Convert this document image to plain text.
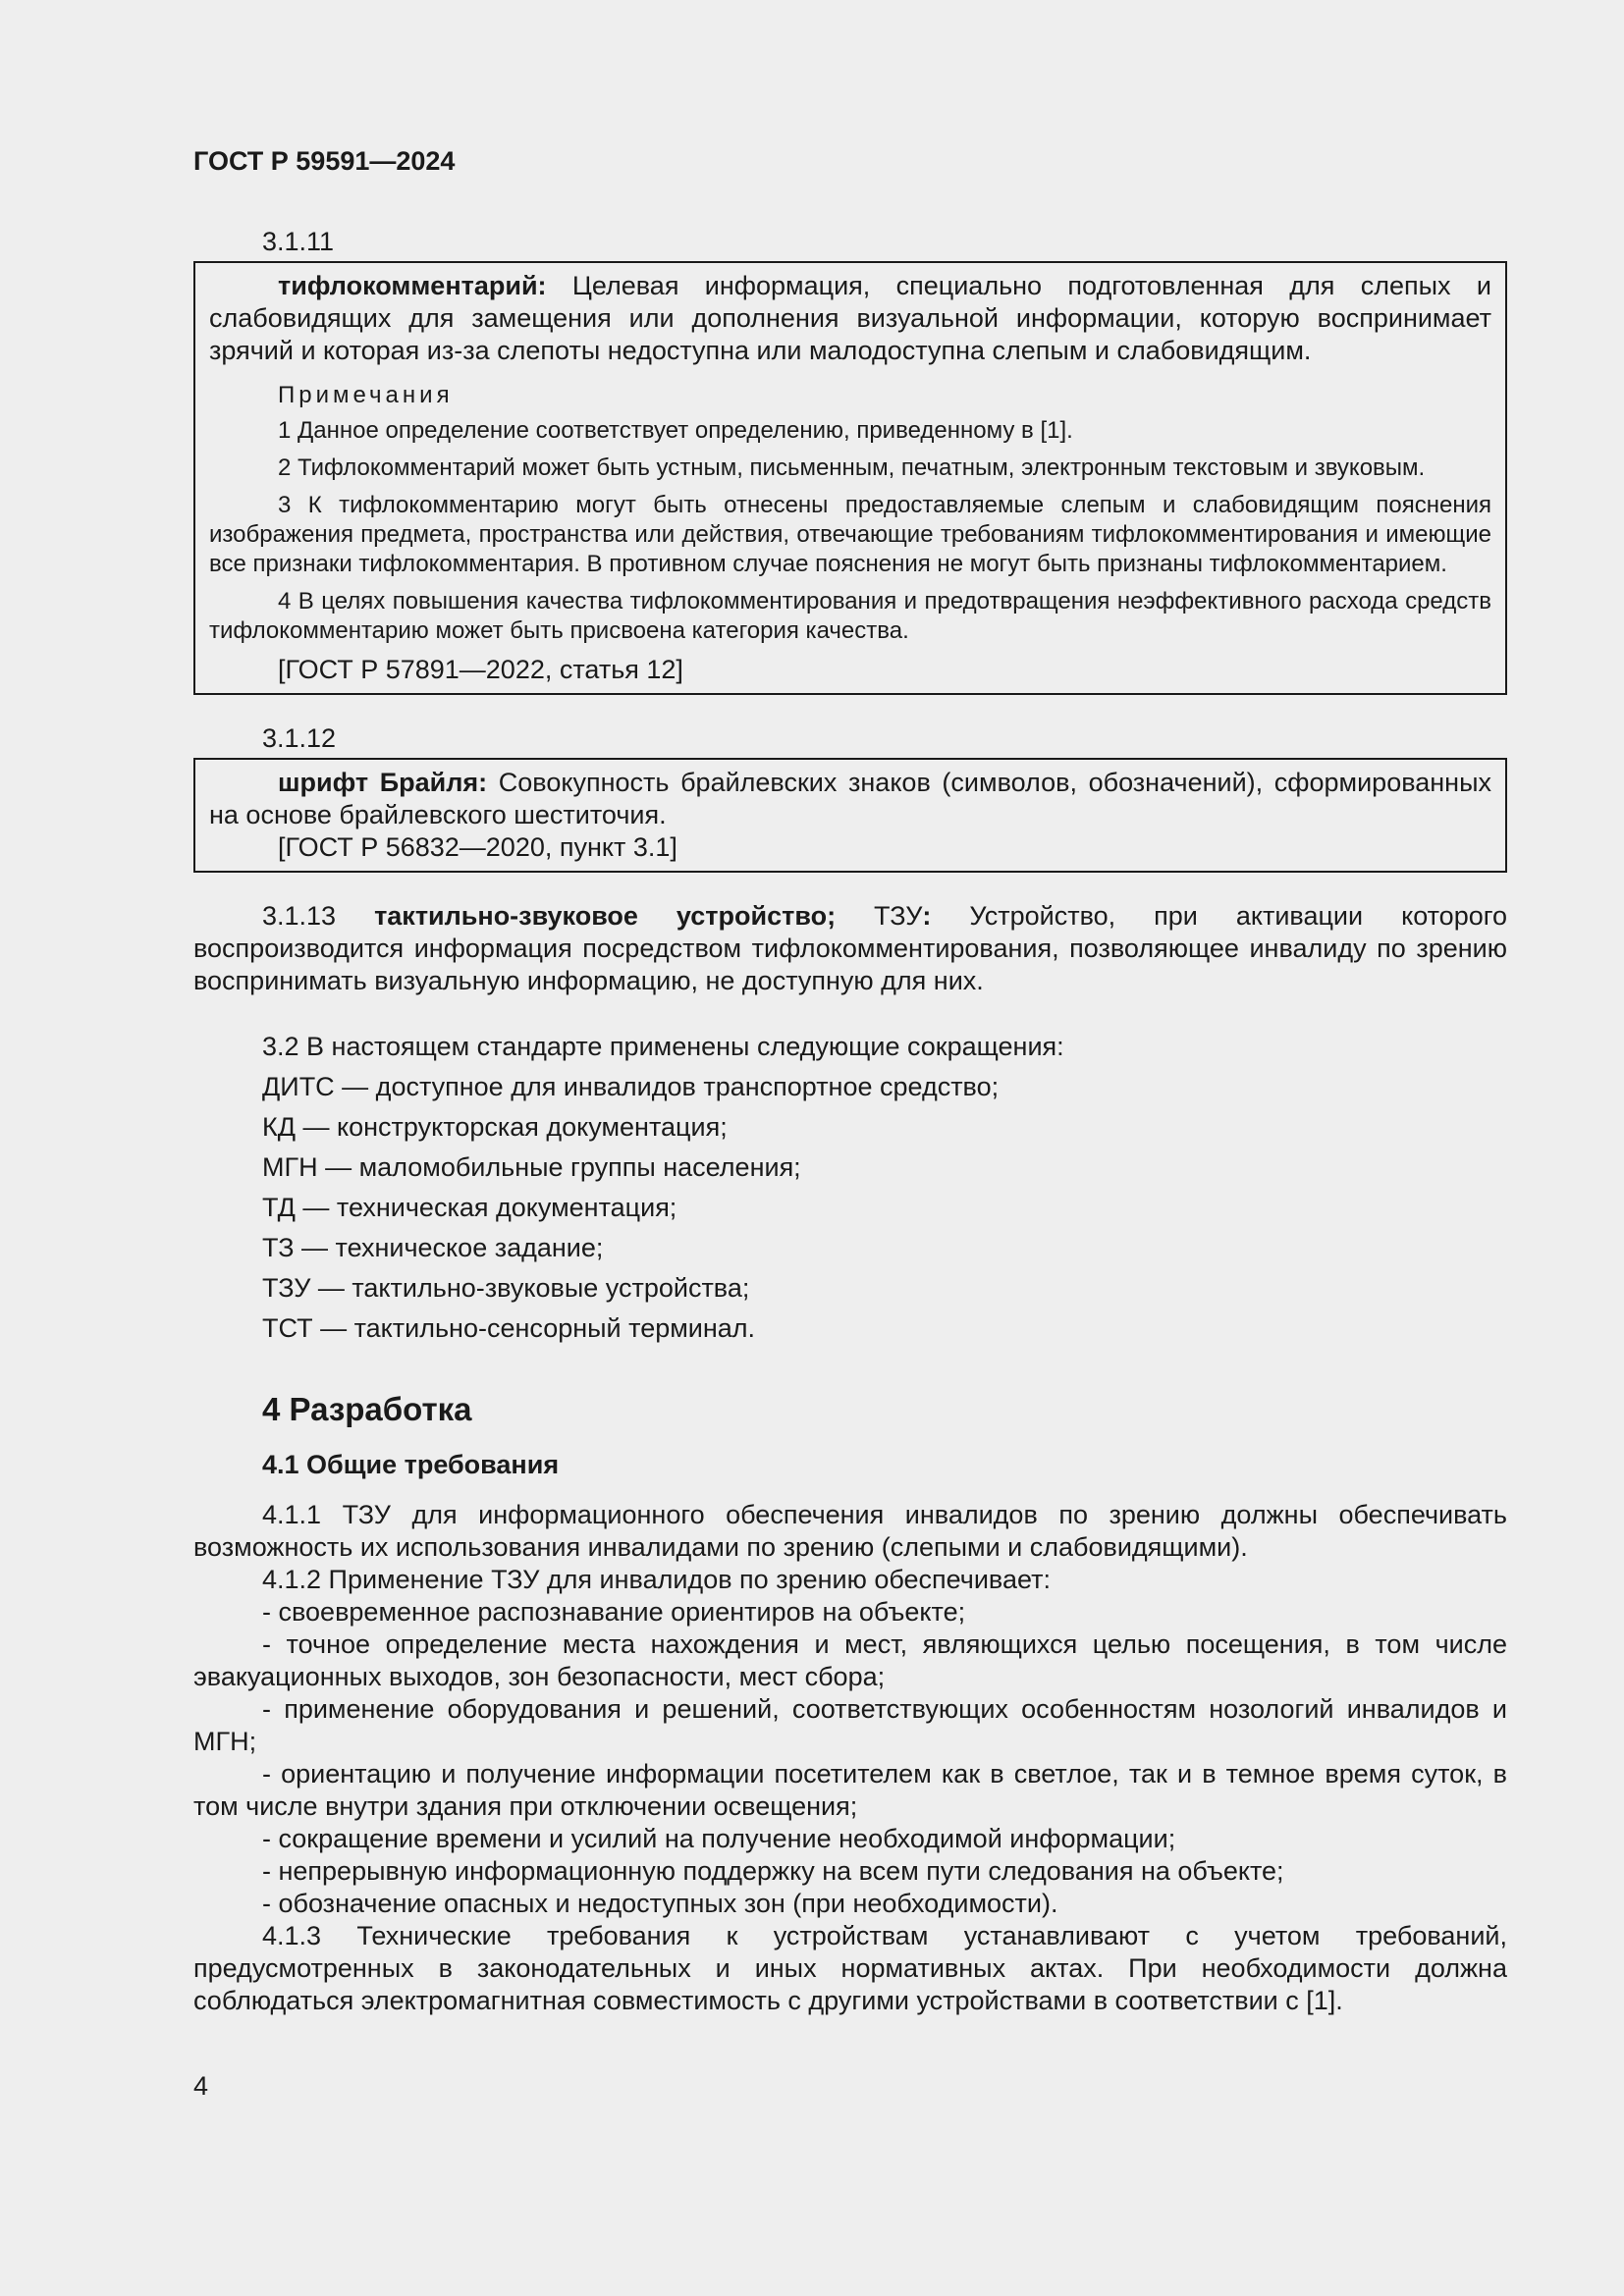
ГОСТ Р 59591—2024

3.1.11

тифлокомментарий: Целевая информация, специально подготовленная для слепых и слабовидящих для замещения или дополнения визуальной информации, которую воспринимает зрячий и которая из-за слепоты недоступна или малодоступна слепым и слабовидящим.

Примечания

1 Данное определение соответствует определению, приведенному в [1].

2 Тифлокомментарий может быть устным, письменным, печатным, электронным текстовым и звуковым.

3 К тифлокомментарию могут быть отнесены предоставляемые слепым и слабовидящим пояснения изображения предмета, пространства или действия, отвечающие требованиям тифлокомментирования и имеющие все признаки тифлокомментария. В противном случае пояснения не могут быть признаны тифлокомментарием.

4 В целях повышения качества тифлокомментирования и предотвращения неэффективного расхода средств тифлокомментарию может быть присвоена категория качества.

[ГОСТ Р 57891—2022, статья 12]

3.1.12

шрифт Брайля: Совокупность брайлевских знаков (символов, обозначений), сформированных на основе брайлевского шеститочия.

[ГОСТ Р 56832—2020, пункт 3.1]

3.1.13 тактильно-звуковое устройство; ТЗУ: Устройство, при активации которого воспроизводится информация посредством тифлокомментирования, позволяющее инвалиду по зрению воспринимать визуальную информацию, не доступную для них.

3.2 В настоящем стандарте применены следующие сокращения:

ДИТС — доступное для инвалидов транспортное средство;

КД — конструкторская документация;

МГН — маломобильные группы населения;

ТД — техническая документация;

ТЗ — техническое задание;

ТЗУ — тактильно-звуковые устройства;

ТСТ — тактильно-сенсорный терминал.

4 Разработка
4.1 Общие требования

4.1.1 ТЗУ для информационного обеспечения инвалидов по зрению должны обеспечивать возможность их использования инвалидами по зрению (слепыми и слабовидящими).

4.1.2 Применение ТЗУ для инвалидов по зрению обеспечивает:

- своевременное распознавание ориентиров на объекте;

- точное определение места нахождения и мест, являющихся целью посещения, в том числе эвакуационных выходов, зон безопасности, мест сбора;

- применение оборудования и решений, соответствующих особенностям нозологий инвалидов и МГН;

- ориентацию и получение информации посетителем как в светлое, так и в темное время суток, в том числе внутри здания при отключении освещения;

- сокращение времени и усилий на получение необходимой информации;

- непрерывную информационную поддержку на всем пути следования на объекте;

- обозначение опасных и недоступных зон (при необходимости).

4.1.3 Технические требования к устройствам устанавливают с учетом требований, предусмотренных в законодательных и иных нормативных актах. При необходимости должна соблюдаться электромагнитная совместимость с другими устройствами в соответствии с [1].

4
